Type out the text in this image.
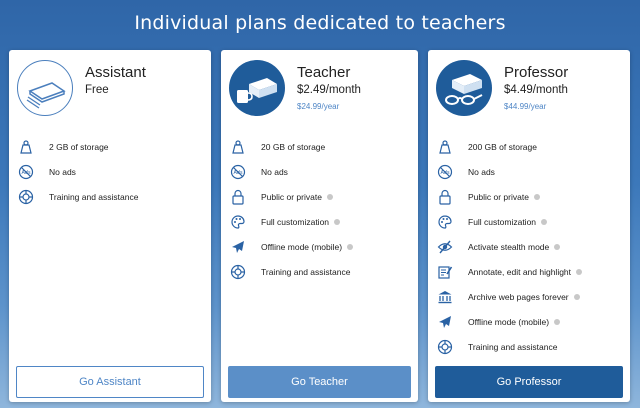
Individual plans dedicated to teachers
Assistant
Free
2 GB of storage
Ads No ads
Training and assistance
Go Assistant
Teacher
$2.49/month
$24.99/year
20 GB of storage
Ads No ads
Public or private
Full customization
Offline mode (mobile)
Training and assistance
Go Teacher
Professor
$4.49/month
$44.99/year
200 GB of storage
Ads No ads
Public or private
Full customization
Activate stealth mode
Annotate, edit and highlight
Archive web pages forever
Offline mode (mobile)
Training and assistance
Go Professor
